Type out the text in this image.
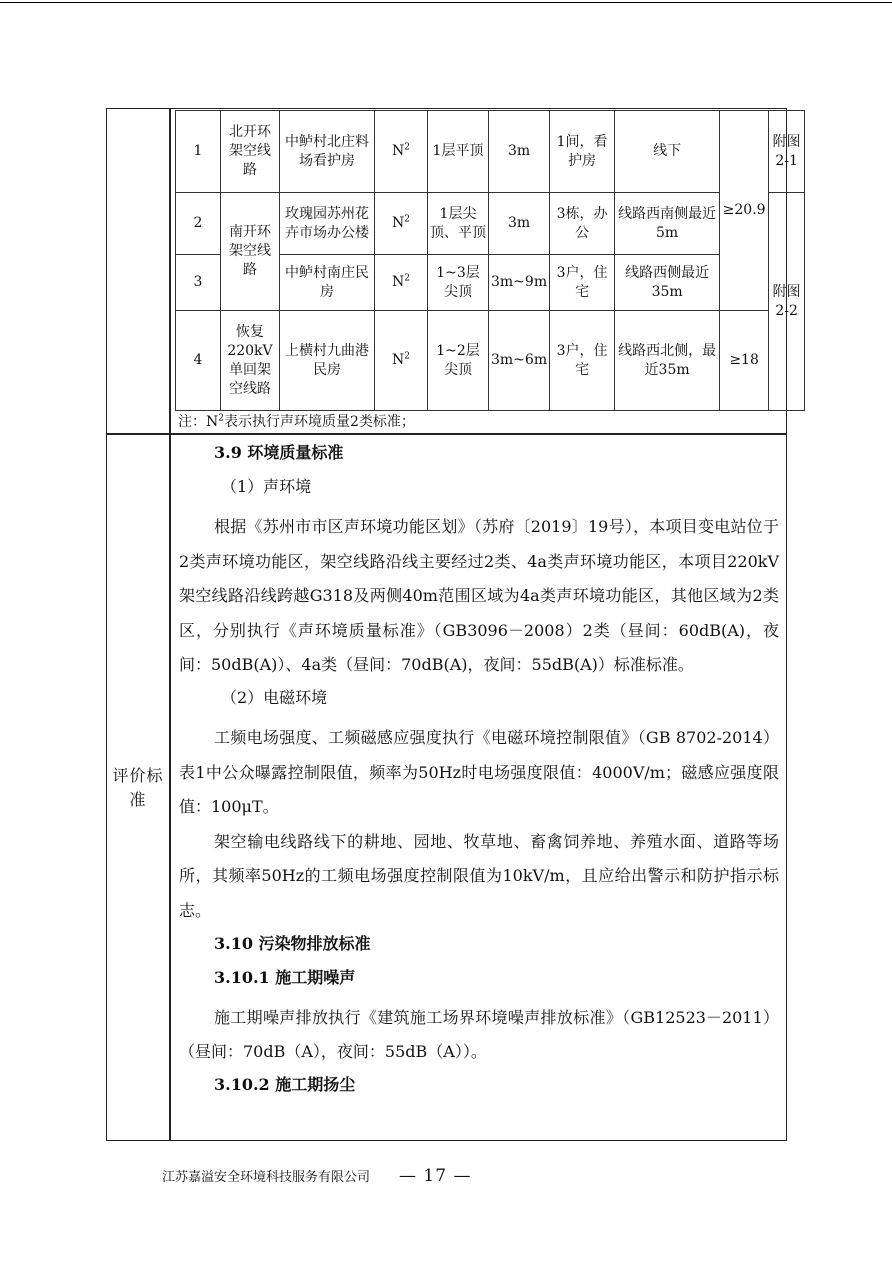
评价标准
1	北开环架空线路	中鲈村北庄料场看护房	$N^2$	1层平顶	3m	1间，看护房	线下	≥20.9	附图2-1
2	南开环架空线路	玫瑰园苏州花卉市场办公楼	$N^2$	1层尖顶、平顶	3m	3栋，办公	线路西南侧最近5m		附图2-2
3		中鲈村南庄民房	$N^2$	1~3层尖顶	3m~9m	3户，住宅	线路西侧最近35m		
4	恢复220kV单回架空线路	上横村九曲港民房	$N^2$	1~2层尖顶	3m~6m	3户，住宅	线路西北侧，最近35m	≥18	
注：$N^2$表示执行声环境质量2类标准；
3.9 环境质量标准
（1）声环境
根据《苏州市市区声环境功能区划》（苏府〔2019〕19号），本项目变电站位于2类声环境功能区，架空线路沿线主要经过2类、4a类声环境功能区，本项目220kV架空线路沿线跨越G318及两侧40m范围区域为4a类声环境功能区，其他区域为2类区，分别执行《声环境质量标准》（GB3096－2008）2类（昼间：60dB(A)，夜间：50dB(A)）、4a类（昼间：70dB(A)，夜间：55dB(A)）标准标准。
（2）电磁环境
工频电场强度、工频磁感应强度执行《电磁环境控制限值》（GB 8702-2014）表1中公众曝露控制限值，频率为50Hz时电场强度限值：4000V/m；磁感应强度限值：100μT。
架空输电线路线下的耕地、园地、牧草地、畜禽饲养地、养殖水面、道路等场所，其频率50Hz的工频电场强度控制限值为10kV/m，且应给出警示和防护指示标志。
3.10 污染物排放标准
3.10.1 施工期噪声
施工期噪声排放执行《建筑施工场界环境噪声排放标准》（GB12523－2011）（昼间：70dB（A），夜间：55dB（A））。
3.10.2 施工期扬尘
江苏嘉溢安全环境科技服务有限公司 — 17 —
